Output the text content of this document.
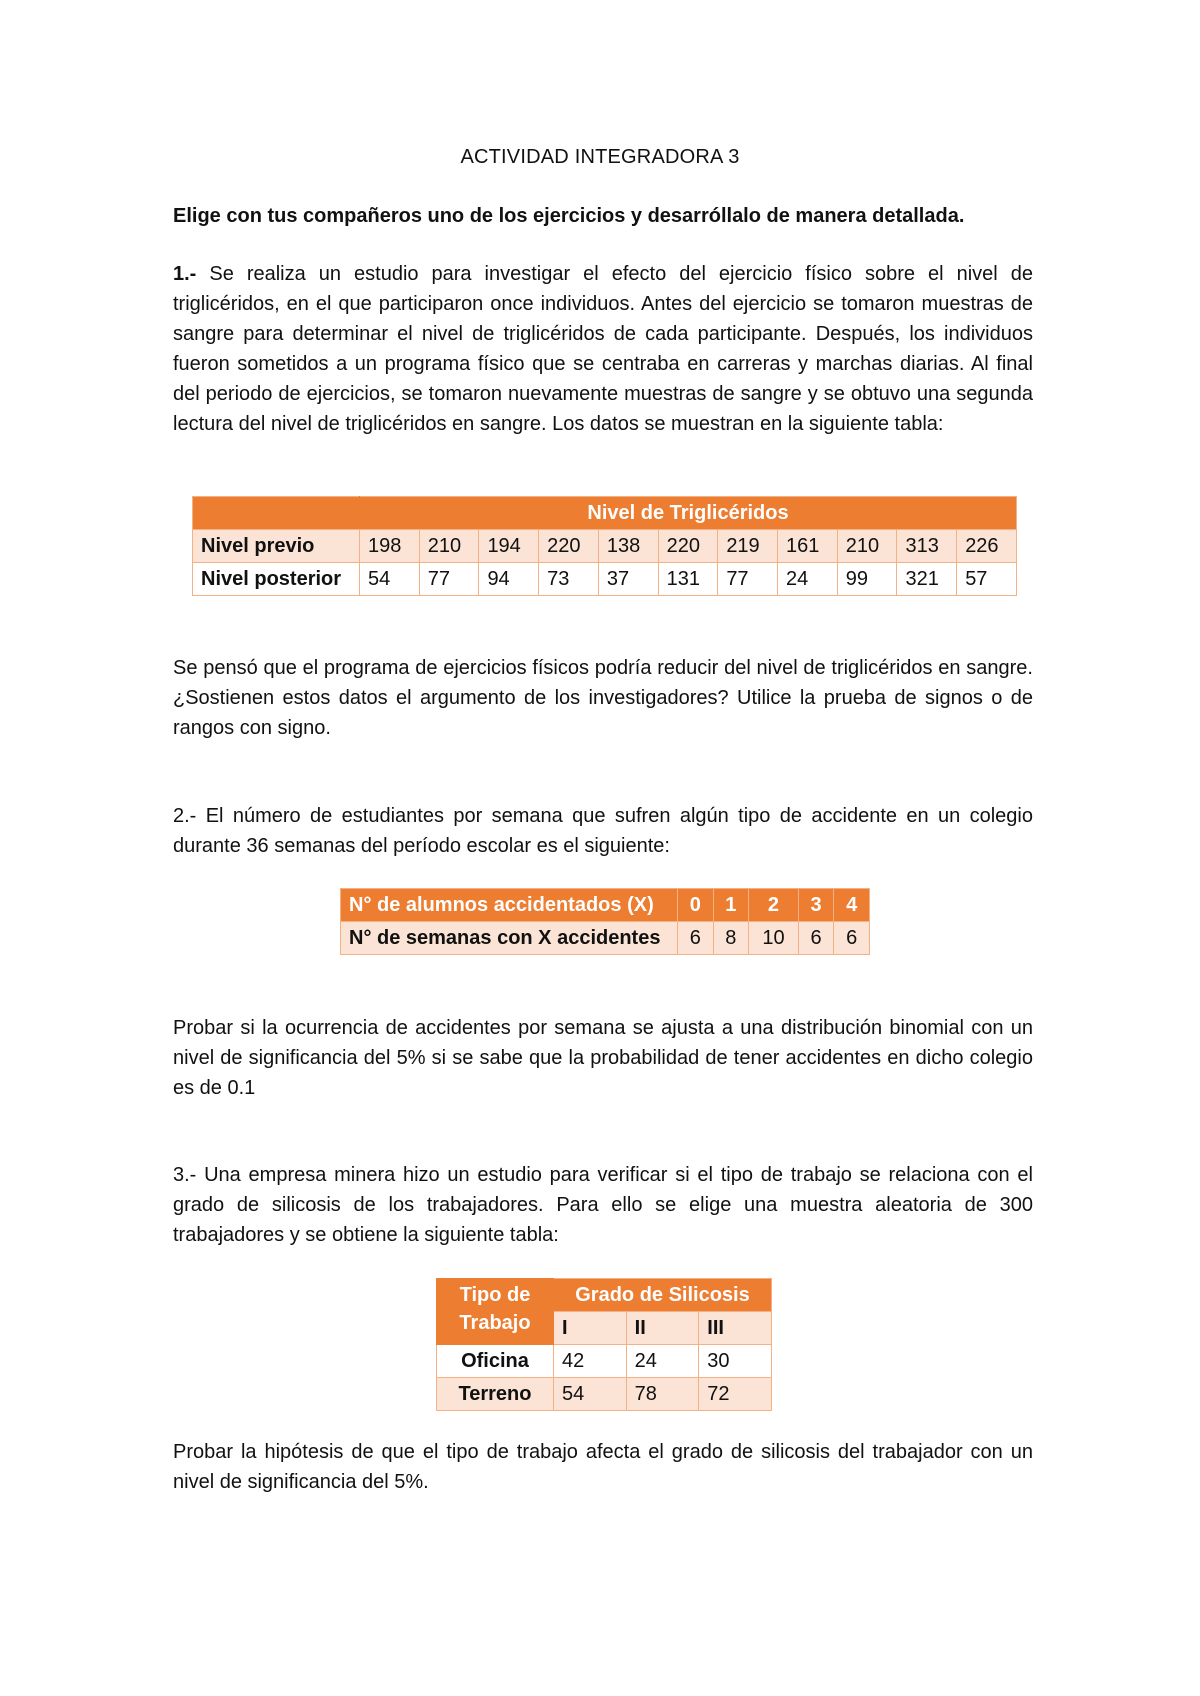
ACTIVIDAD INTEGRADORA 3
Elige con tus compañeros uno de los ejercicios y desarróllalo de manera detallada.
1.- Se realiza un estudio para investigar el efecto del ejercicio físico sobre el nivel de triglicéridos, en el que participaron once individuos. Antes del ejercicio se tomaron muestras de sangre para determinar el nivel de triglicéridos de cada participante. Después, los individuos fueron sometidos a un programa físico que se centraba en carreras y marchas diarias. Al final del periodo de ejercicios, se tomaron nuevamente muestras de sangre y se obtuvo una segunda lectura del nivel de triglicéridos en sangre. Los datos se muestran en la siguiente tabla:
	Nivel de Triglicéridos										
Nivel previo	198	210	194	220	138	220	219	161	210	313	226
Nivel posterior	54	77	94	73	37	131	77	24	99	321	57
Se pensó que el programa de ejercicios físicos podría reducir del nivel de triglicéridos en sangre. ¿Sostienen estos datos el argumento de los investigadores? Utilice la prueba de signos o de rangos con signo.
2.- El número de estudiantes por semana que sufren algún tipo de accidente en un colegio durante 36 semanas del período escolar es el siguiente:
N° de alumnos accidentados (X)	0	1	2	3	4
N° de semanas con X accidentes	6	8	10	6	6
Probar si la ocurrencia de accidentes por semana se ajusta a una distribución binomial con un nivel de significancia del 5% si se sabe que la probabilidad de tener accidentes en dicho colegio es de 0.1
3.- Una empresa minera hizo un estudio para verificar si el tipo de trabajo se relaciona con el grado de silicosis de los trabajadores. Para ello se elige una muestra aleatoria de 300 trabajadores y se obtiene la siguiente tabla:
Tipo de Trabajo	Grado de Silicosis		
	I	II	III
Oficina	42	24	30
Terreno	54	78	72
Probar la hipótesis de que el tipo de trabajo afecta el grado de silicosis del trabajador con un nivel de significancia del 5%.
